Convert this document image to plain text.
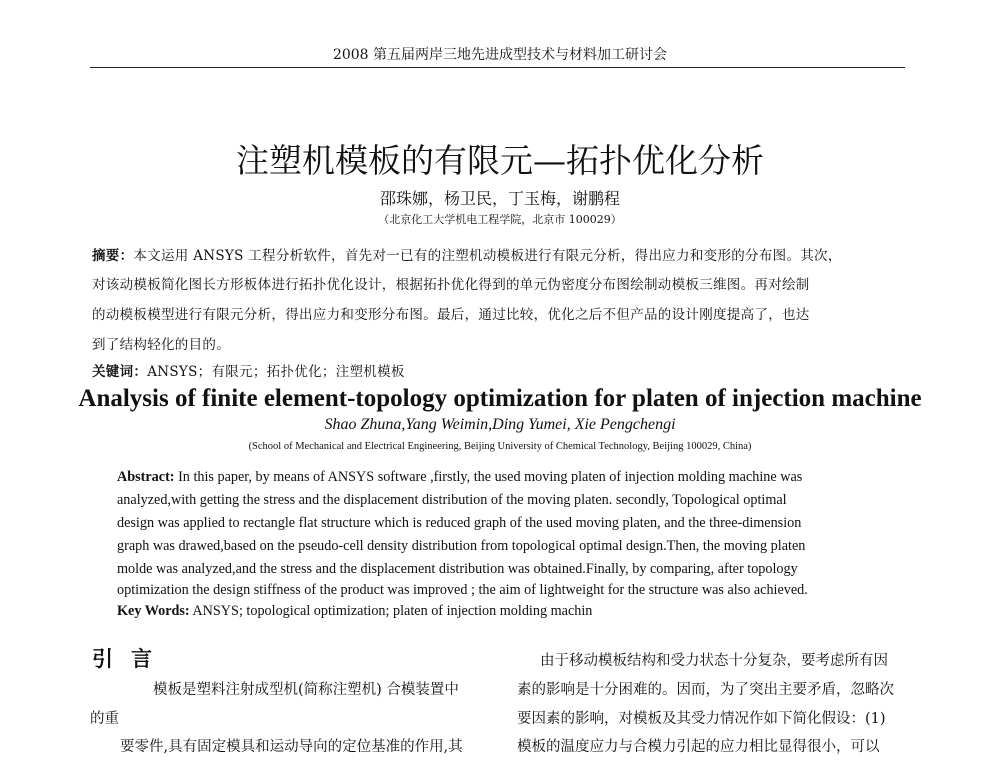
2008 第五届两岸三地先进成型技术与材料加工研讨会
注塑机模板的有限元—拓扑优化分析
邵珠娜，杨卫民，丁玉梅，谢鹏程
（北京化工大学机电工程学院，北京市 100029）
摘要：本文运用 ANSYS 工程分析软件，首先对一已有的注塑机动模板进行有限元分析，得出应力和变形的分布图。其次，
对该动模板简化图长方形板体进行拓扑优化设计，根据拓扑优化得到的单元伪密度分布图绘制动模板三维图。再对绘制
的动模板模型进行有限元分析，得出应力和变形分布图。最后，通过比较，优化之后不但产品的设计刚度提高了，也达
到了结构轻化的目的。
关键词：ANSYS；有限元；拓扑优化；注塑机模板
Analysis of finite element-topology optimization for platen of injection machine
Shao Zhuna,Yang Weimin,Ding Yumei, Xie Pengchengi
(School of Mechanical and Electrical Engineering, Beijing University of Chemical Technology, Beijing 100029, China)
Abstract: In this paper, by means of ANSYS software ,firstly, the used moving platen of injection molding machine was
analyzed,with getting the stress and the displacement distribution of the moving platen. secondly, Topological optimal
design was applied to rectangle flat structure which is reduced graph of the used moving platen, and the three-dimension
graph was drawed,based on the pseudo-cell density distribution from topological optimal design.Then, the moving platen
molde was analyzed,and the stress and the displacement distribution was obtained.Finally, by comparing, after topology
optimization the design stiffness of the product was improved ; the aim of lightweight for the structure was also achieved.
Key Words: ANSYS; topological optimization; platen of injection molding machin
引言
模板是塑料注射成型机(简称注塑机) 合模装置中
的重
要零件,具有固定模具和运动导向的定位基准的作用,其
由于移动模板结构和受力状态十分复杂，要考虑所有因
素的影响是十分困难的。因而，为了突出主要矛盾，忽略次
要因素的影响，对模板及其受力情况作如下简化假设：(1)
模板的温度应力与合模力引起的应力相比显得很小，可以
